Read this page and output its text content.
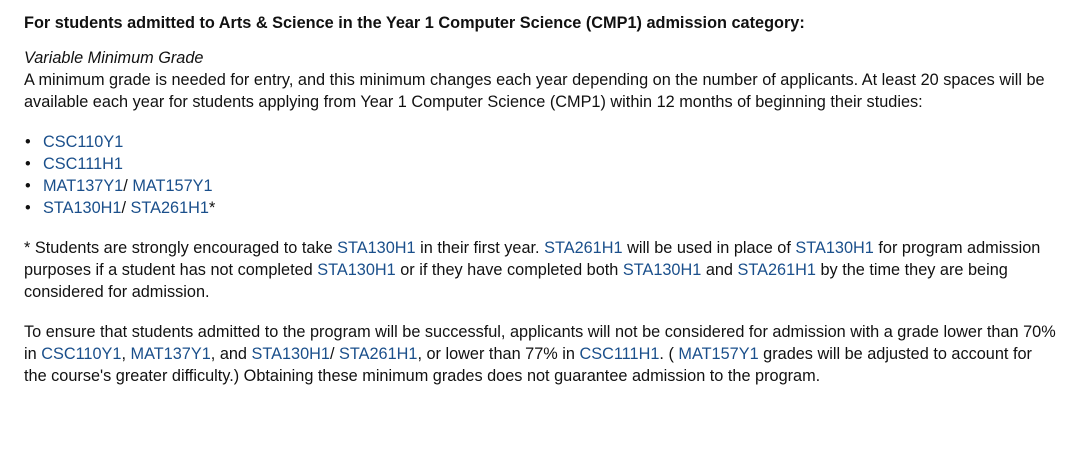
For students admitted to Arts & Science in the Year 1 Computer Science (CMP1) admission category:

Variable Minimum Grade

A minimum grade is needed for entry, and this minimum changes each year depending on the number of applicants. At least 20 spaces will be available each year for students applying from Year 1 Computer Science (CMP1) within 12 months of beginning their studies:

• CSC110Y1
• CSC111H1
• MAT137Y1/ MAT157Y1
• STA130H1/ STA261H1*

* Students are strongly encouraged to take STA130H1 in their first year. STA261H1 will be used in place of STA130H1 for program admission purposes if a student has not completed STA130H1 or if they have completed both STA130H1 and STA261H1 by the time they are being considered for admission.

To ensure that students admitted to the program will be successful, applicants will not be considered for admission with a grade lower than 70% in CSC110Y1, MAT137Y1, and STA130H1/ STA261H1, or lower than 77% in CSC111H1. ( MAT157Y1 grades will be adjusted to account for the course's greater difficulty.) Obtaining these minimum grades does not guarantee admission to the program.
